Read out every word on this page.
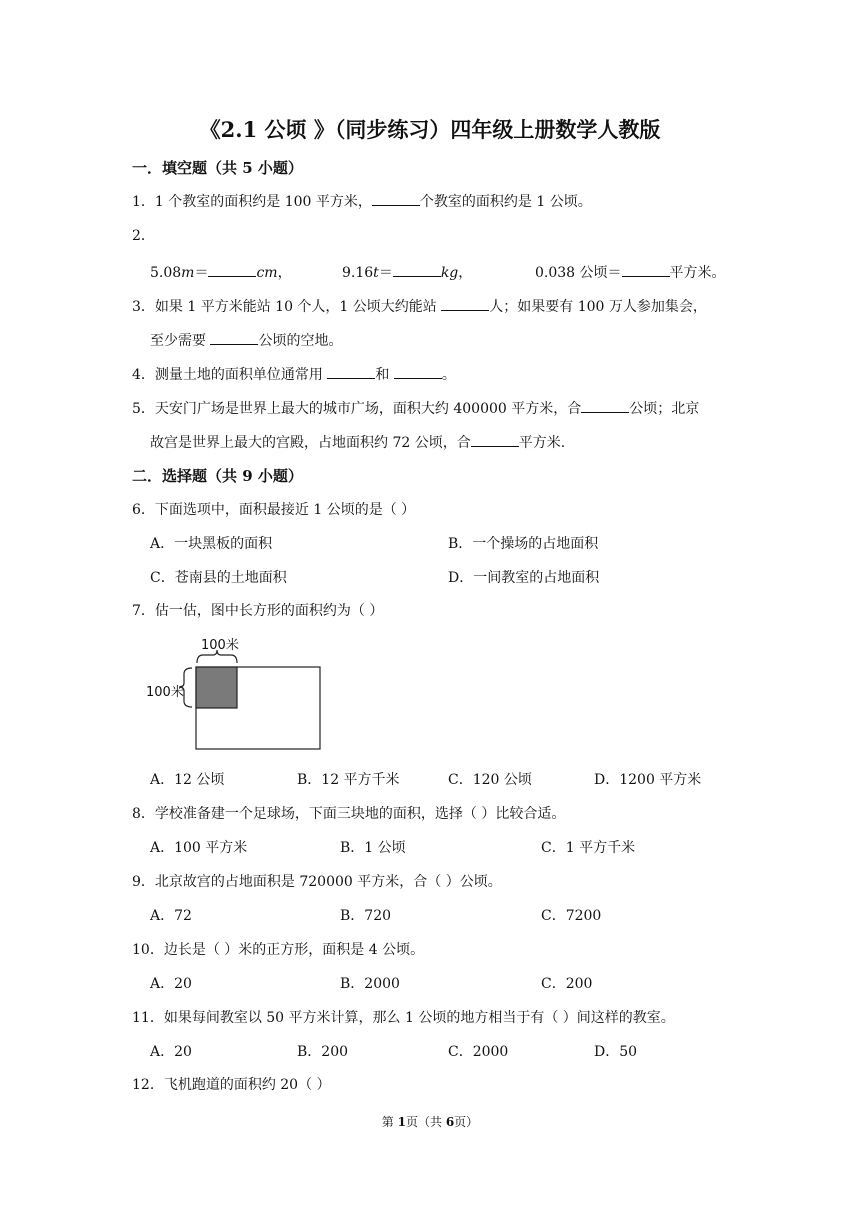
《2.1 公顷 》（同步练习）四年级上册数学人教版
一．填空题（共 5 小题）
1．1 个教室的面积约是 100 平方米，	个教室的面积约是 1 公顷。
2．
5.08m＝	cm，	9.16t＝	kg，	0.038 公顷＝	平方米。
3．如果 1 平方米能站 10 个人，1 公顷大约能站	人；如果要有 100 万人参加集会，
至少需要	公顷的空地。
4．测量土地的面积单位通常用	和	。
5．天安门广场是世界上最大的城市广场，面积大约 400000 平方米，合	公顷；北京
故宫是世界上最大的宫殿，占地面积约 72 公顷，合	平方米.
二．选择题（共 9 小题）
6．下面选项中，面积最接近 1 公顷的是（ ）
A．一块黑板的面积	B．一个操场的占地面积
C．苍南县的土地面积	D．一间教室的占地面积
7．估一估，图中长方形的面积约为（ ）
100米
100米
A．12 公顷	B．12 平方千米	C．120 公顷	D．1200 平方米
8．学校准备建一个足球场，下面三块地的面积，选择（ ）比较合适。
A．100 平方米	B．1 公顷	C．1 平方千米
9．北京故宫的占地面积是 720000 平方米，合（ ）公顷。
A．72	B．720	C．7200
10．边长是（ ）米的正方形，面积是 4 公顷。
A．20	B．2000	C．200
11．如果每间教室以 50 平方米计算，那么 1 公顷的地方相当于有（ ）间这样的教室。
A．20	B．200	C．2000	D．50
12．飞机跑道的面积约 20（ ）
第 1页（共 6页）
